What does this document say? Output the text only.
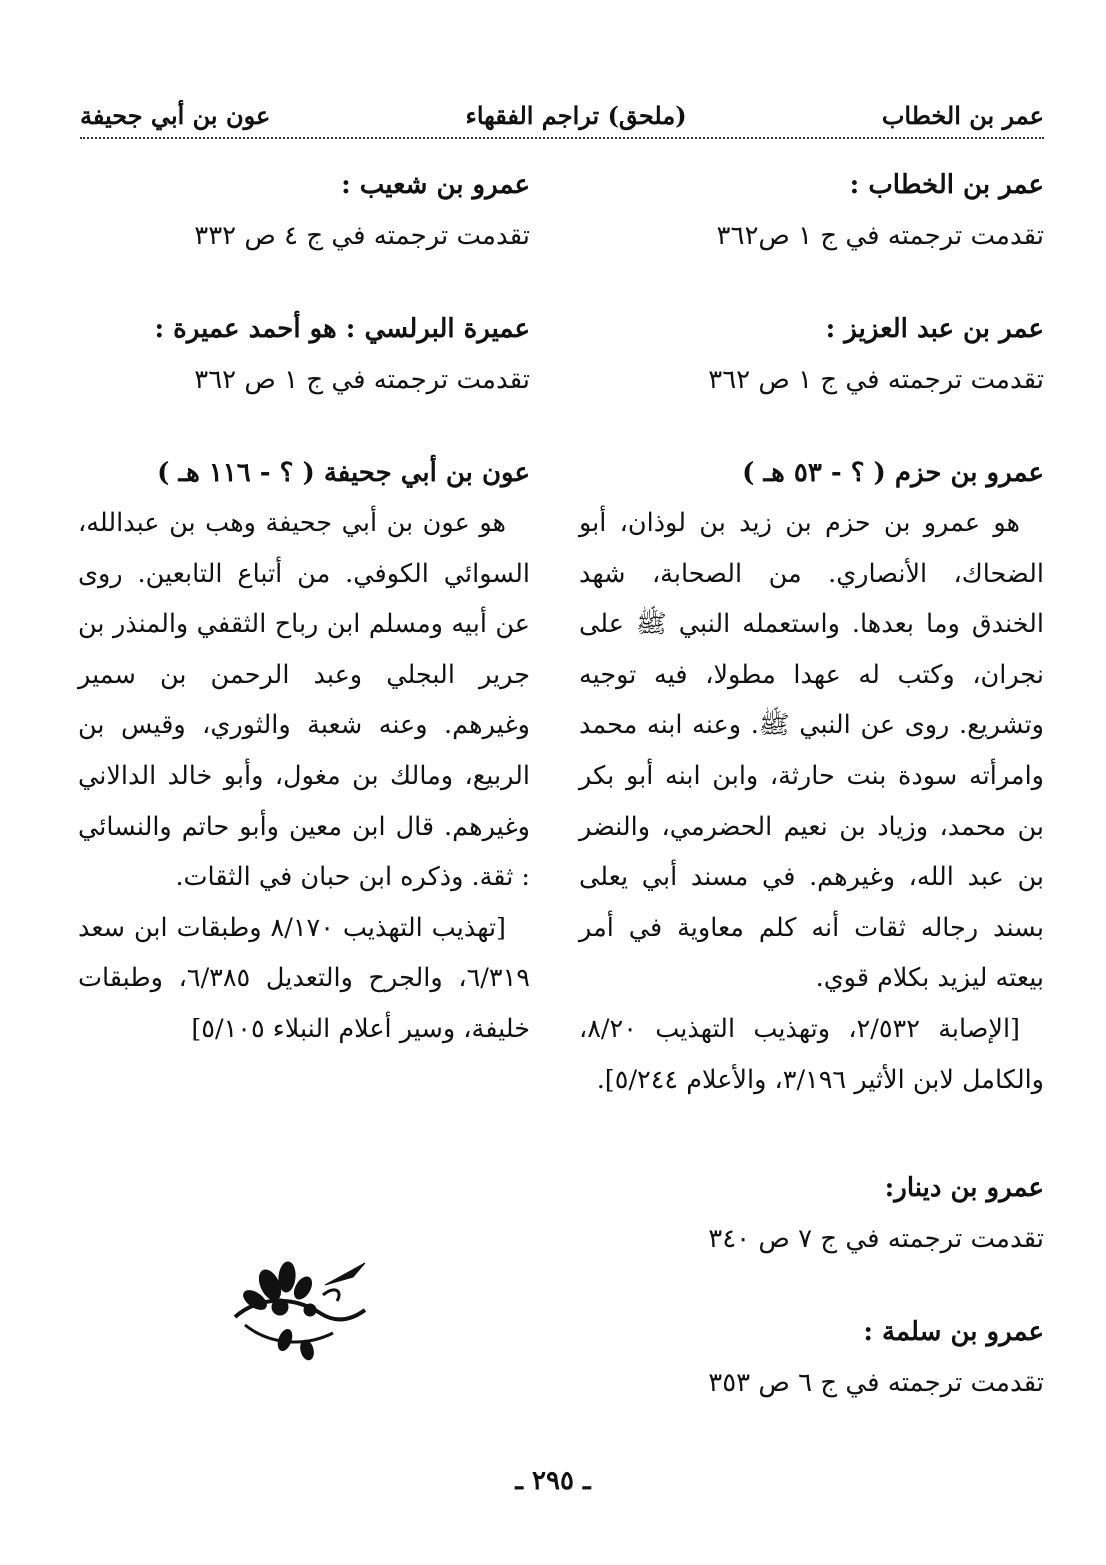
عمر بن الخطاب
(ملحق) تراجم الفقهاء
عون بن أبي جحيفة
عمر بن الخطاب :
تقدمت ترجمته في ج ١ ص٣٦٢
عمر بن عبد العزيز :
تقدمت ترجمته في ج ١ ص ٣٦٢
عمرو بن حزم ( ؟ - ٥٣ هـ )

هو عمرو بن حزم بن زيد بن لوذان، أبو الضحاك، الأنصاري. من الصحابة، شهد الخندق وما بعدها. واستعمله النبي ﷺ على نجران، وكتب له عهدا مطولا، فيه توجيه وتشريع. روى عن النبي ﷺ. وعنه ابنه محمد وامرأته سودة بنت حارثة، وابن ابنه أبو بكر بن محمد، وزياد بن نعيم الحضرمي، والنضر بن عبد الله، وغيرهم. في مسند أبي يعلى بسند رجاله ثقات أنه كلم معاوية في أمر بيعته ليزيد بكلام قوي.

[الإصابة ٢/٥٣٢، وتهذيب التهذيب ٨/٢٠، والكامل لابن الأثير ٣/١٩٦، والأعلام ٥/٢٤٤].

عمرو بن دينار:
تقدمت ترجمته في ج ٧ ص ٣٤٠
عمرو بن سلمة :
تقدمت ترجمته في ج ٦ ص ٣٥٣
عمرو بن شعيب :
تقدمت ترجمته في ج ٤ ص ٣٣٢
عميرة البرلسي : هو أحمد عميرة :
تقدمت ترجمته في ج ١ ص ٣٦٢
عون بن أبي جحيفة ( ؟ - ١١٦ هـ )

هو عون بن أبي جحيفة وهب بن عبدالله، السوائي الكوفي. من أتباع التابعين. روى عن أبيه ومسلم ابن رباح الثقفي والمنذر بن جرير البجلي وعبد الرحمن بن سمير وغيرهم. وعنه شعبة والثوري، وقيس بن الربيع، ومالك بن مغول، وأبو خالد الدالاني وغيرهم. قال ابن معين وأبو حاتم والنسائي : ثقة. وذكره ابن حبان في الثقات.

[تهذيب التهذيب ٨/١٧٠ وطبقات ابن سعد ٦/٣١٩، والجرح والتعديل ٦/٣٨٥، وطبقات خليفة، وسير أعلام النبلاء ٥/١٠٥]

ـ ٢٩٥ ـ
